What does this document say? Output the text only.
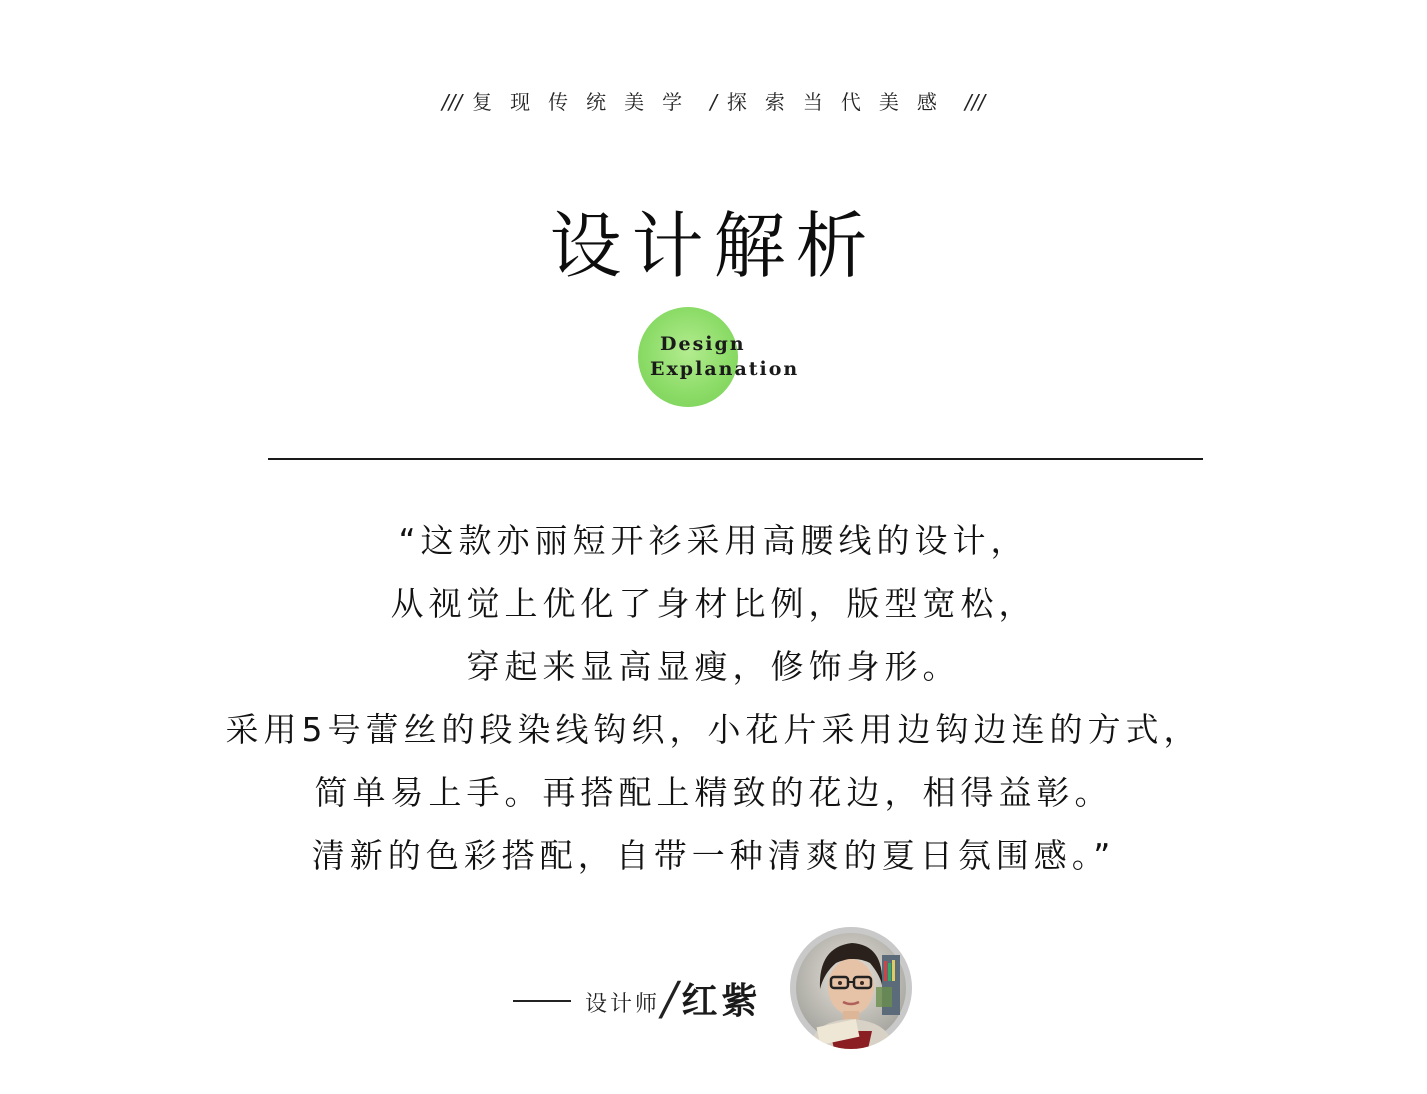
/// 复现传统美学 / 探索当代美感 ///
设计解析
Design
Explanation
“这款亦丽短开衫采用高腰线的设计，
从视觉上优化了身材比例，版型宽松，
穿起来显高显瘦，修饰身形。
采用5号蕾丝的段染线钩织，小花片采用边钩边连的方式，
简单易上手。再搭配上精致的花边，相得益彰。
清新的色彩搭配，自带一种清爽的夏日氛围感。”
设计师 / 红紫
